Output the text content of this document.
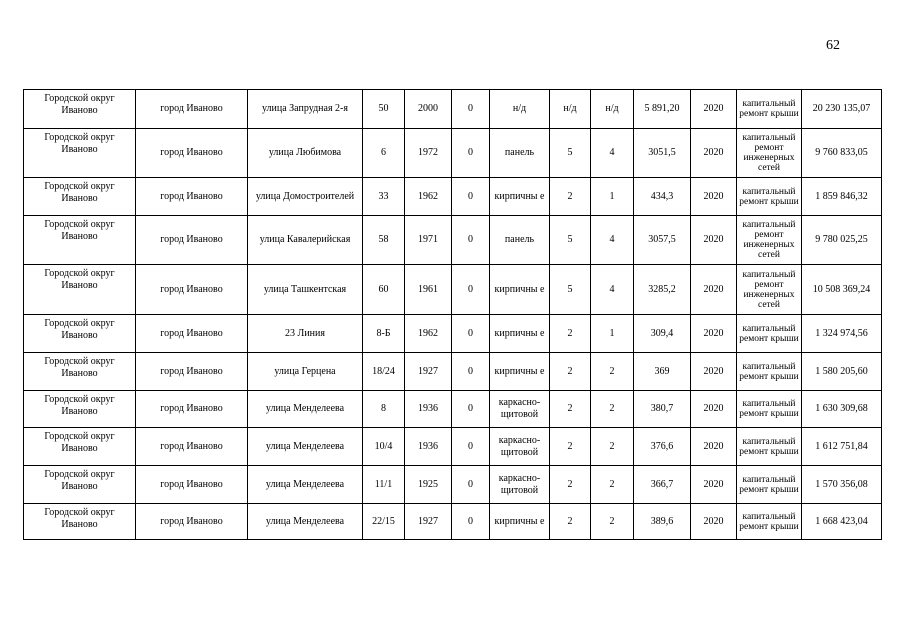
62
Городской округ Иваново	город Иваново	улица Запрудная 2-я	50	2000	0	н/д	н/д	н/д	5 891,20	2020	капитальный ремонт крыши	20 230 135,07
Городской округ Иваново	город Иваново	улица Любимова	6	1972	0	панель	5	4	3051,5	2020	капитальный ремонт инженерных сетей	9 760 833,05
Городской округ Иваново	город Иваново	улица Домостроителей	33	1962	0	кирпичны е	2	1	434,3	2020	капитальный ремонт крыши	1 859 846,32
Городской округ Иваново	город Иваново	улица Кавалерийская	58	1971	0	панель	5	4	3057,5	2020	капитальный ремонт инженерных сетей	9 780 025,25
Городской округ Иваново	город Иваново	улица Ташкентская	60	1961	0	кирпичны е	5	4	3285,2	2020	капитальный ремонт инженерных сетей	10 508 369,24
Городской округ Иваново	город Иваново	23 Линия	8-Б	1962	0	кирпичны е	2	1	309,4	2020	капитальный ремонт крыши	1 324 974,56
Городской округ Иваново	город Иваново	улица Герцена	18/24	1927	0	кирпичны е	2	2	369	2020	капитальный ремонт крыши	1 580 205,60
Городской округ Иваново	город Иваново	улица Менделеева	8	1936	0	каркасно-щитовой	2	2	380,7	2020	капитальный ремонт крыши	1 630 309,68
Городской округ Иваново	город Иваново	улица Менделеева	10/4	1936	0	каркасно-щитовой	2	2	376,6	2020	капитальный ремонт крыши	1 612 751,84
Городской округ Иваново	город Иваново	улица Менделеева	11/1	1925	0	каркасно-щитовой	2	2	366,7	2020	капитальный ремонт крыши	1 570 356,08
Городской округ Иваново	город Иваново	улица Менделеева	22/15	1927	0	кирпичны е	2	2	389,6	2020	капитальный ремонт крыши	1 668 423,04
